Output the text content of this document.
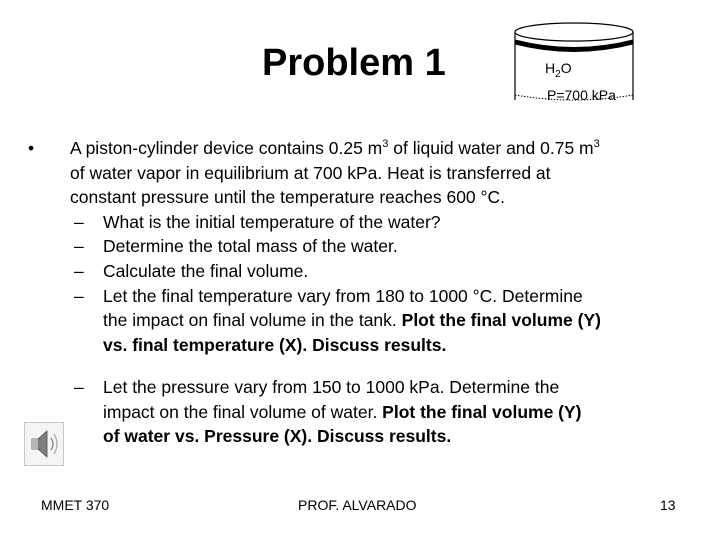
Problem 1	$H_2O$
P=700 kPa
• A piston-cylinder device contains 0.25 $m^3$ of liquid water and 0.75 $m^3$
of water vapor in equilibrium at 700 kPa. Heat is transferred at
constant pressure until the temperature reaches 600 °C.
– What is the initial temperature of the water?
– Determine the total mass of the water.
– Calculate the final volume.
– Let the final temperature vary from 180 to 1000 °C. Determine
the impact on final volume in the tank. Plot the final volume (Y)
vs. final temperature (X). Discuss results.
– Let the pressure vary from 150 to 1000 kPa. Determine the
impact on the final volume of water. Plot the final volume (Y)
of water vs. Pressure (X). Discuss results.
MMET 370	PROF. ALVARADO	13
